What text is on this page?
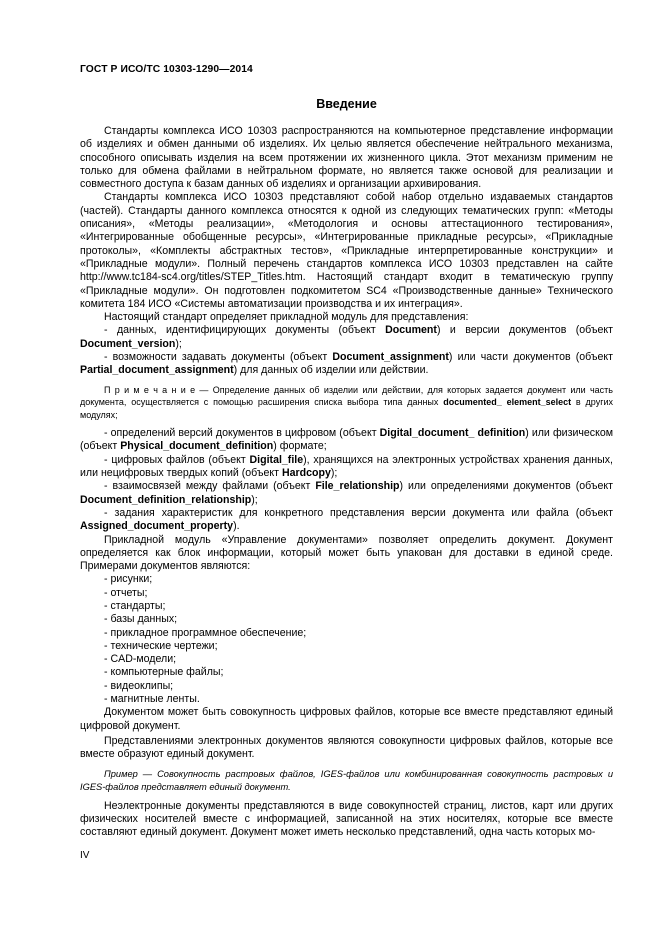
ГОСТ Р ИСО/ТС 10303-1290—2014
Введение

Стандарты комплекса ИСО 10303 распространяются на компьютерное представление информации об изделиях и обмен данными об изделиях. Их целью является обеспечение нейтрального механизма, способного описывать изделия на всем протяжении их жизненного цикла. Этот механизм применим не только для обмена файлами в нейтральном формате, но является также основой для реализации и совместного доступа к базам данных об изделиях и организации архивирования.

Стандарты комплекса ИСО 10303 представляют собой набор отдельно издаваемых стандартов (частей). Стандарты данного комплекса относятся к одной из следующих тематических групп: «Методы описания», «Методы реализации», «Методология и основы аттестационного тестирования», «Интегрированные обобщенные ресурсы», «Интегрированные прикладные ресурсы», «Прикладные протоколы», «Комплекты абстрактных тестов», «Прикладные интерпретированные конструкции» и «Прикладные модули». Полный перечень стандартов комплекса ИСО 10303 представлен на сайте http://www.tc184-sc4.org/titles/STEP_Titles.htm. Настоящий стандарт входит в тематическую группу «Прикладные модули». Он подготовлен подкомитетом SC4 «Производственные данные» Технического комитета 184 ИСО «Системы автоматизации производства и их интеграция».

Настоящий стандарт определяет прикладной модуль для представления:

- данных, идентифицирующих документы (объект Document) и версии документов (объект Document_version);

- возможности задавать документы (объект Document_assignment) или части документов (объект Partial_document_assignment) для данных об изделии или действии.

П р и м е ч а н и е — Определение данных об изделии или действии, для которых задается документ или часть документа, осуществляется с помощью расширения списка выбора типа данных documented_ element_select в других модулях;

- определений версий документов в цифровом (объект Digital_document_ definition) или физическом (объект Physical_document_definition) формате;

- цифровых файлов (объект Digital_file), хранящихся на электронных устройствах хранения данных, или нецифровых твердых копий (объект Hardcopy);

- взаимосвязей между файлами (объект File_relationship) или определениями документов (объект Document_definition_relationship);

- задания характеристик для конкретного представления версии документа или файла (объект Assigned_document_property).

Прикладной модуль «Управление документами» позволяет определить документ. Документ определяется как блок информации, который может быть упакован для доставки в единой среде. Примерами документов являются:

- рисунки;

- отчеты;

- стандарты;

- базы данных;

- прикладное программное обеспечение;

- технические чертежи;

- CAD-модели;

- компьютерные файлы;

- видеоклипы;

- магнитные ленты.

Документом может быть совокупность цифровых файлов, которые все вместе представляют единый цифровой документ.

Представлениями электронных документов являются совокупности цифровых файлов, которые все вместе образуют единый документ.

Пример — Совокупность растровых файлов, IGES-файлов или комбинированная совокупность растровых и IGES-файлов представляет единый документ.

Неэлектронные документы представляются в виде совокупностей страниц, листов, карт или других физических носителей вместе с информацией, записанной на этих носителях, которые все вместе составляют единый документ. Документ может иметь несколько представлений, одна часть которых мо-

IV
